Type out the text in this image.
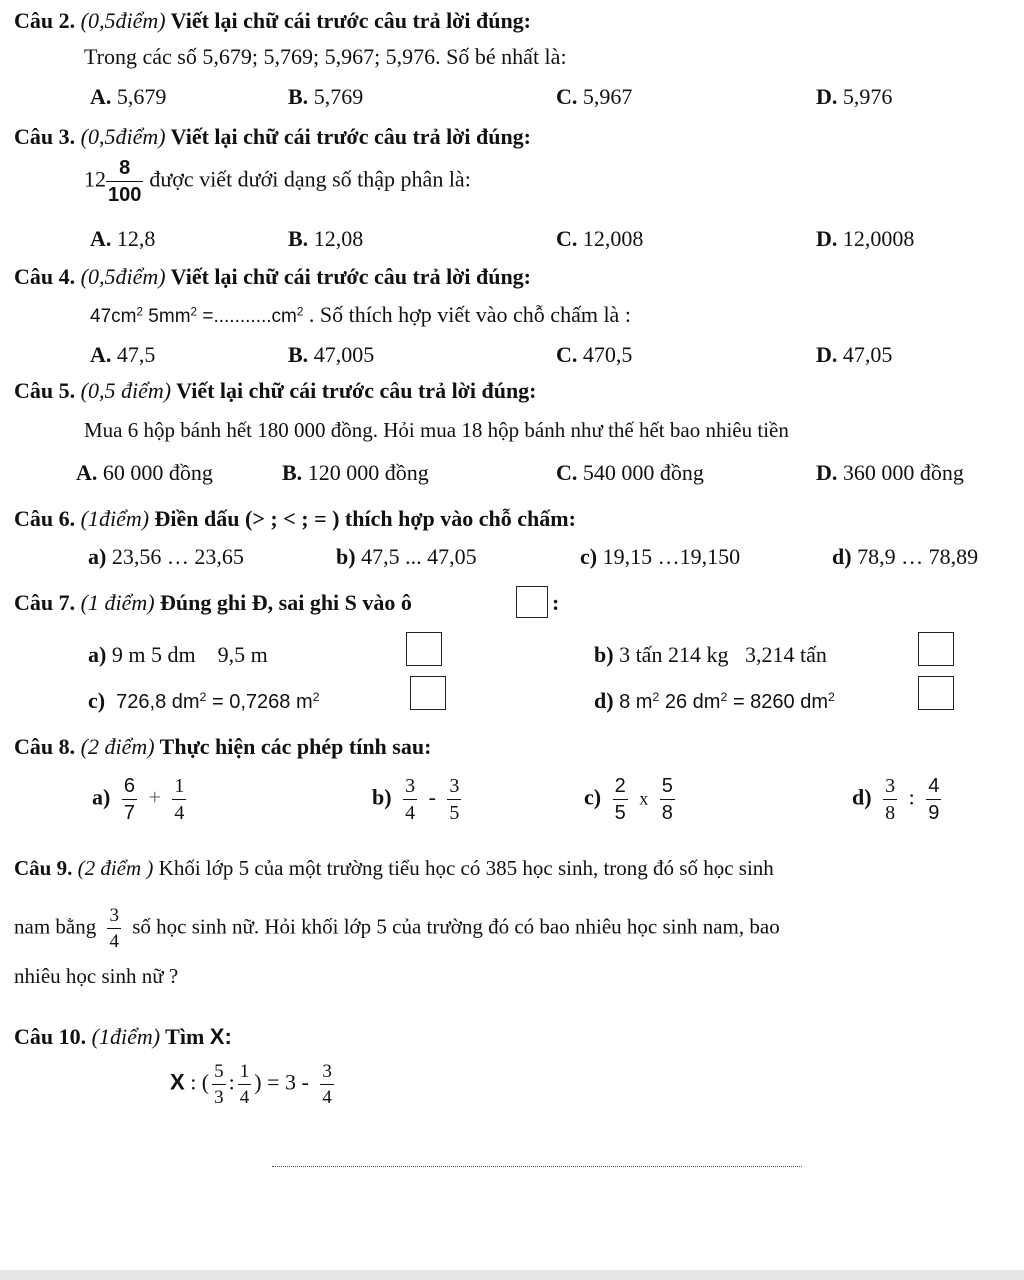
Câu 2. (0,5điểm) Viết lại chữ cái trước câu trả lời đúng:
Trong các số 5,679; 5,769; 5,967; 5,976. Số bé nhất là:
A. 5,679	B. 5,769	C. 5,967	D. 5,976
Câu 3. (0,5điểm) Viết lại chữ cái trước câu trả lời đúng:
$12 \frac{8}{100}$ được viết dưới dạng số thập phân là:
A. 12,8	B. 12,08	C. 12,008	D. 12,0008
Câu 4. (0,5điểm) Viết lại chữ cái trước câu trả lời đúng:
$47cm^2$ $5mm^2 =...........cm^2$ . Số thích hợp viết vào chỗ chấm là :
A. 47,5	B. 47,005	C. 470,5	D. 47,05
Câu 5. (0,5 điểm) Viết lại chữ cái trước câu trả lời đúng:
Mua 6 hộp bánh hết 180 000 đồng. Hỏi mua 18 hộp bánh như thế hết bao nhiêu tiền
A. 60 000 đồng	B. 120 000 đồng	C. 540 000 đồng	D. 360 000 đồng
Câu 6. (1điểm) Điền dấu (> ; < ; = ) thích hợp vào chỗ chấm:
a) 23,56 … 23,65	b) 47,5 ... 47,05	c) 19,15 …19,150	d) 78,9 … 78,89
Câu 7. (1 điểm) Đúng ghi Đ, sai ghi S vào ô	:
a) 9 m 5 dm 9,5 m	b) 3 tấn 214 kg 3,214 tấn
c) 726,8 $dm^2 = 0,7268$ $m^2$	d) 8 $m^2$ 26 $dm^2 = 8260$ $dm^2$
Câu 8. (2 điểm) Thực hiện các phép tính sau:
$a) \frac{6}{7} + \frac{1}{4}$	$b) \frac{3}{4} - \frac{3}{5}$	$c) \frac{2}{5}$ x $\frac{5}{8}$	$d) \frac{3}{8}$ : $\frac{4}{9}$
Câu 9. (2 điểm ) Khối lớp 5 của một trường tiểu học có 385 học sinh, trong đó số học sinh
nam bằng $\frac{3}{4}$ số học sinh nữ. Hỏi khối lớp 5 của trường đó có bao nhiêu học sinh nam, bao
nhiêu học sinh nữ ?
Câu 10. (1điểm) Tìm X:
X : ( $\frac{5}{3}$ : $\frac{1}{4}$ ) = $3 - \frac{3}{4}$
